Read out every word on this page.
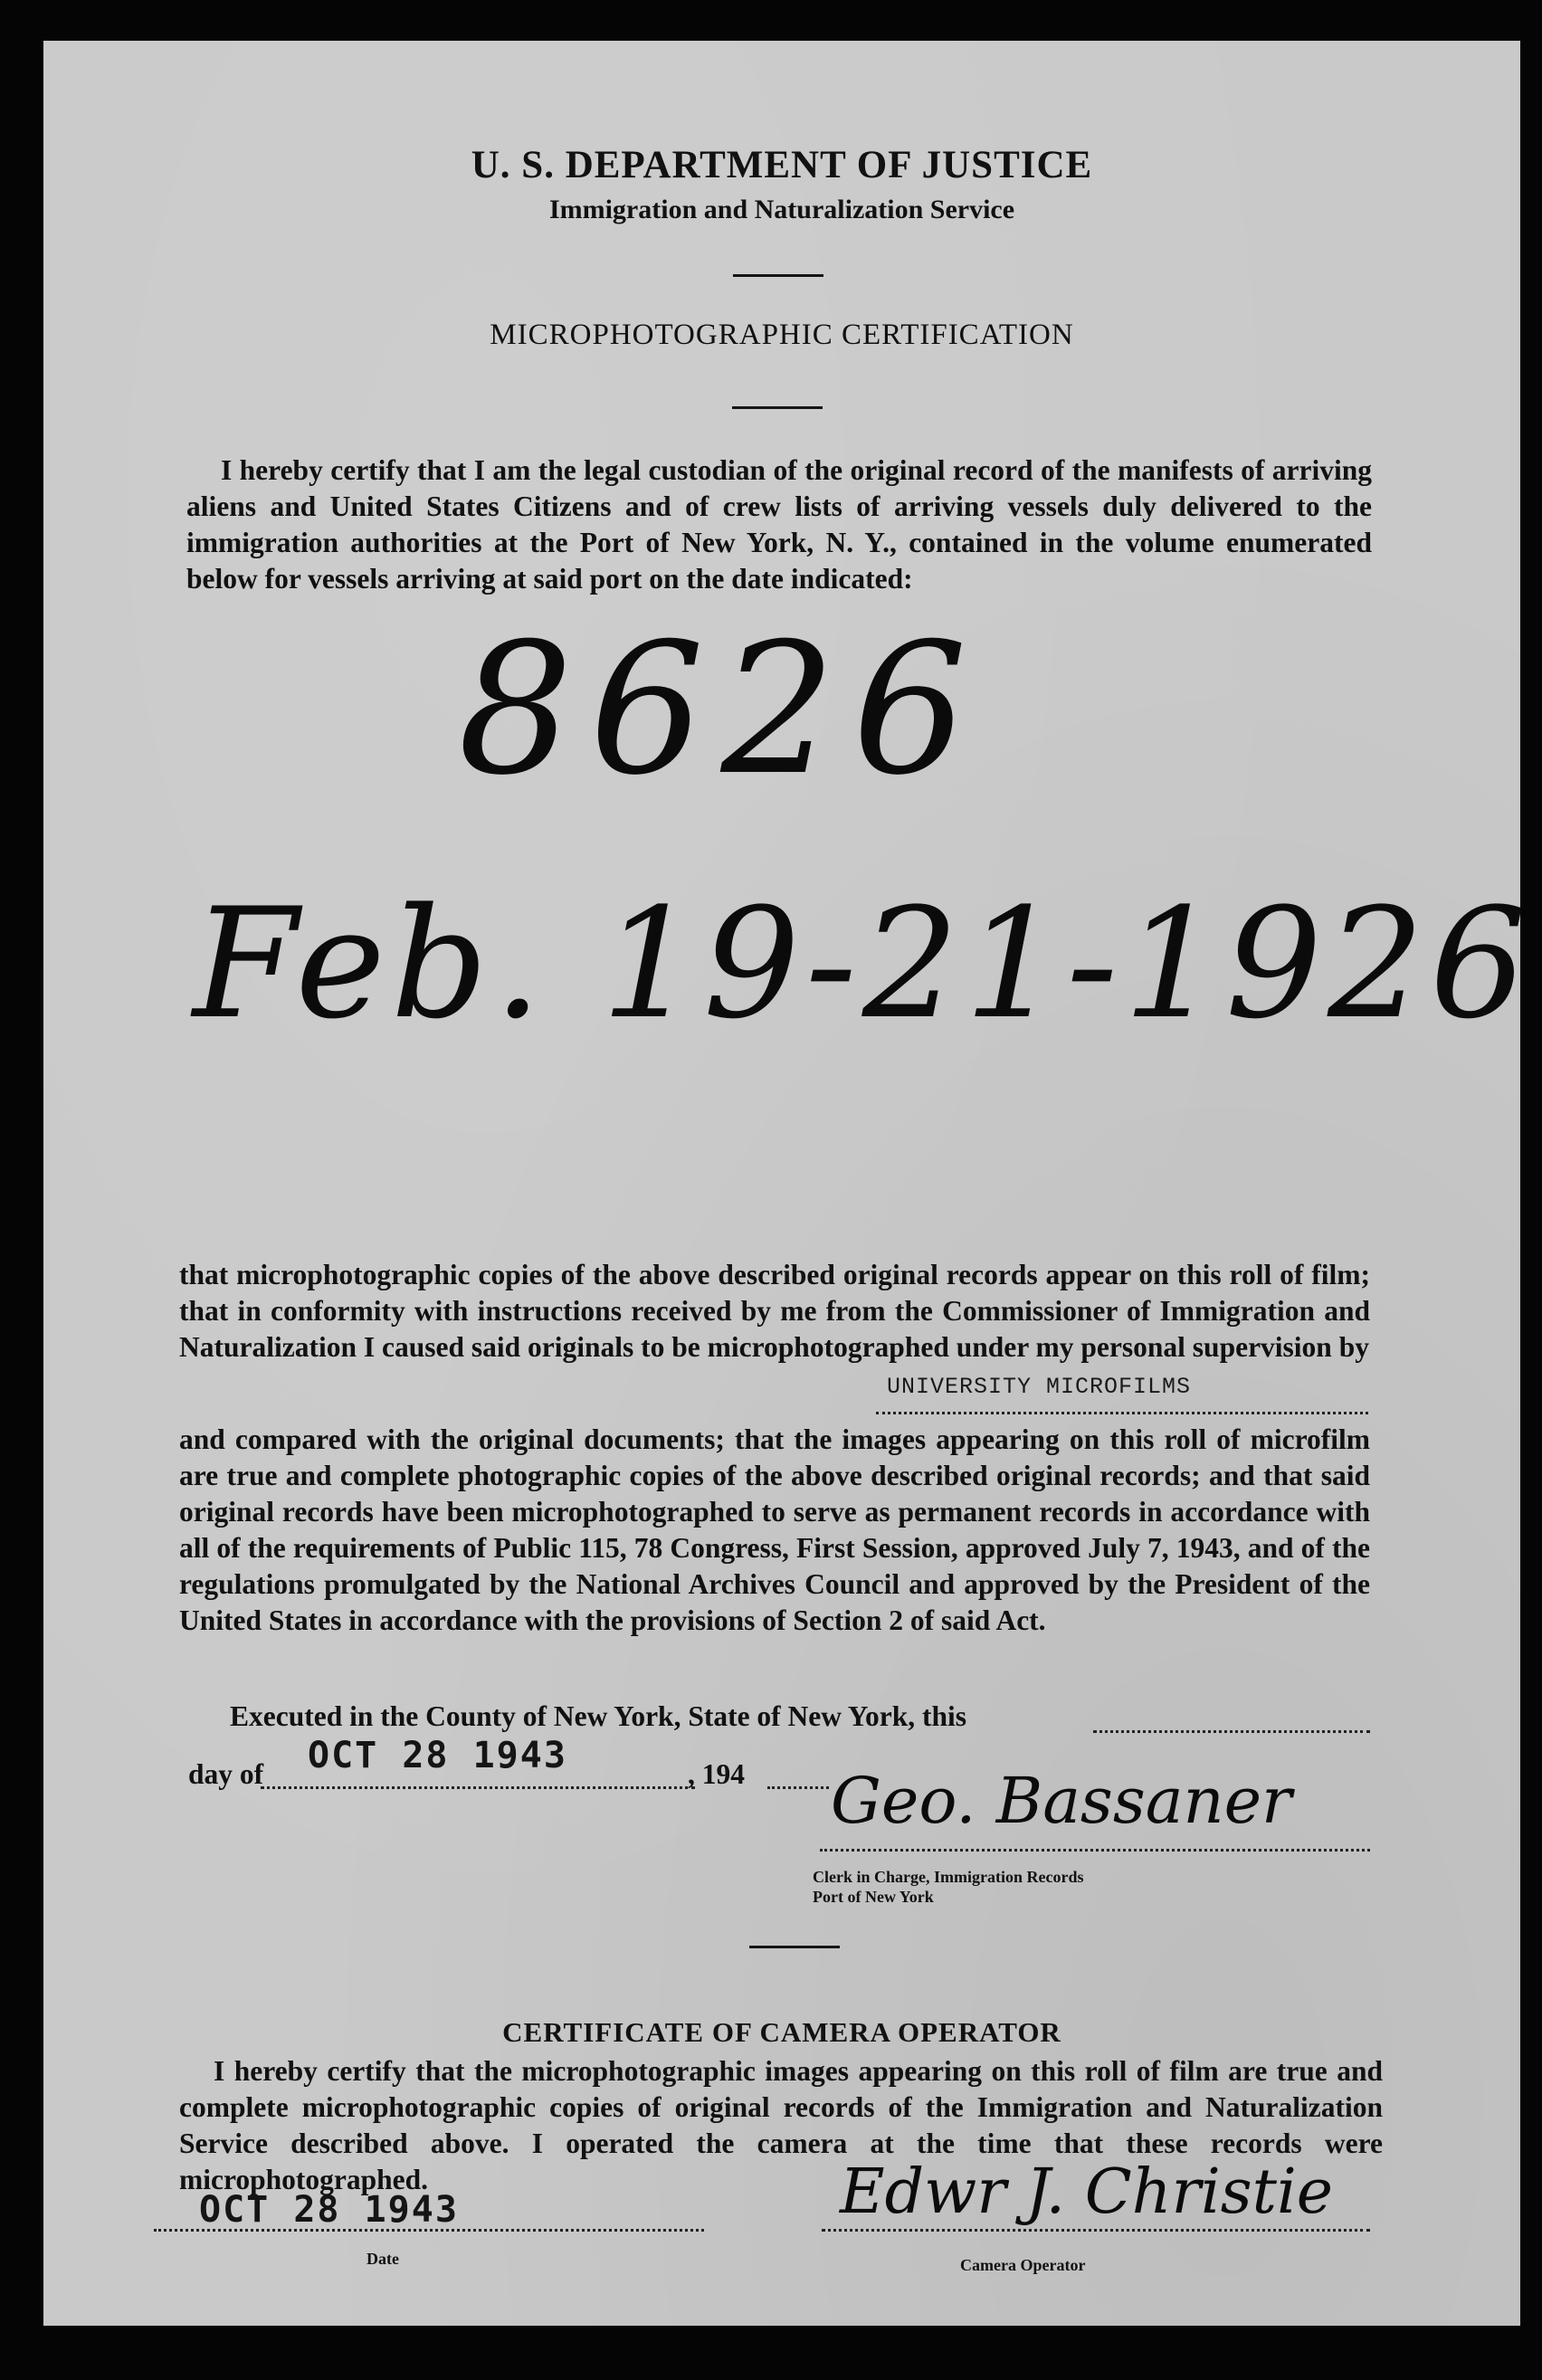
U. S. DEPARTMENT OF JUSTICE
Immigration and Naturalization Service
MICROPHOTOGRAPHIC CERTIFICATION
I hereby certify that I am the legal custodian of the original record of the manifests of arriving aliens and United States Citizens and of crew lists of arriving vessels duly delivered to the immigration authorities at the Port of New York, N. Y., contained in the volume enumerated below for vessels arriving at said port on the date indicated:
8626
Feb. 19-21-1926
that microphotographic copies of the above described original records appear on this roll of film; that in conformity with instructions received by me from the Commissioner of Immigration and Naturalization I caused said originals to be microphotographed under my personal supervision by
UNIVERSITY MICROFILMS
and compared with the original documents; that the images appearing on this roll of microfilm are true and complete photographic copies of the above described original records; and that said original records have been microphotographed to serve as permanent records in accordance with all of the requirements of Public 115, 78 Congress, First Session, approved July 7, 1943, and of the regulations promulgated by the National Archives Council and approved by the President of the United States in accordance with the provisions of Section 2 of said Act.
Executed in the County of New York, State of New York, this
day of OCT 28 1943	, 194 Geo. Bassaner
Clerk in Charge, Immigration Records
Port of New York
CERTIFICATE OF CAMERA OPERATOR
I hereby certify that the microphotographic images appearing on this roll of film are true and complete microphotographic copies of original records of the Immigration and Naturalization Service described above. I operated the camera at the time that these records were microphotographed.
OCT 28 1943
Date
Edwr J. Christie
Camera Operator
